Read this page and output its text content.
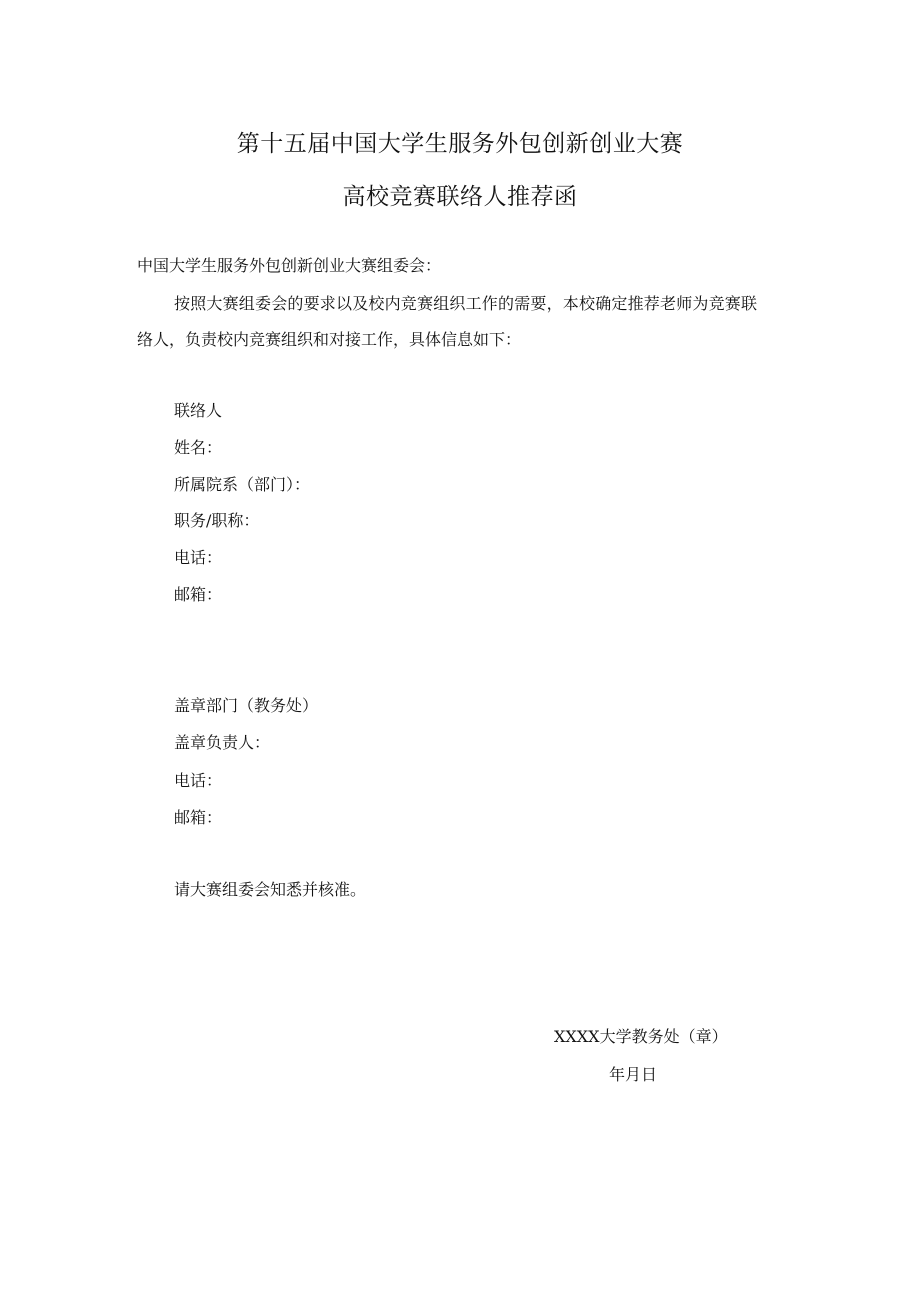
第十五届中国大学生服务外包创新创业大赛
高校竞赛联络人推荐函
中国大学生服务外包创新创业大赛组委会：
按照大赛组委会的要求以及校内竞赛组织工作的需要，本校确定推荐老师为竞赛联
络人，负责校内竞赛组织和对接工作，具体信息如下：
联络人
姓名：
所属院系（部门）：
职务/职称：
电话：
邮箱：
盖章部门（教务处）
盖章负责人：
电话：
邮箱：
请大赛组委会知悉并核准。
XXXX大学教务处（章）
年月日
